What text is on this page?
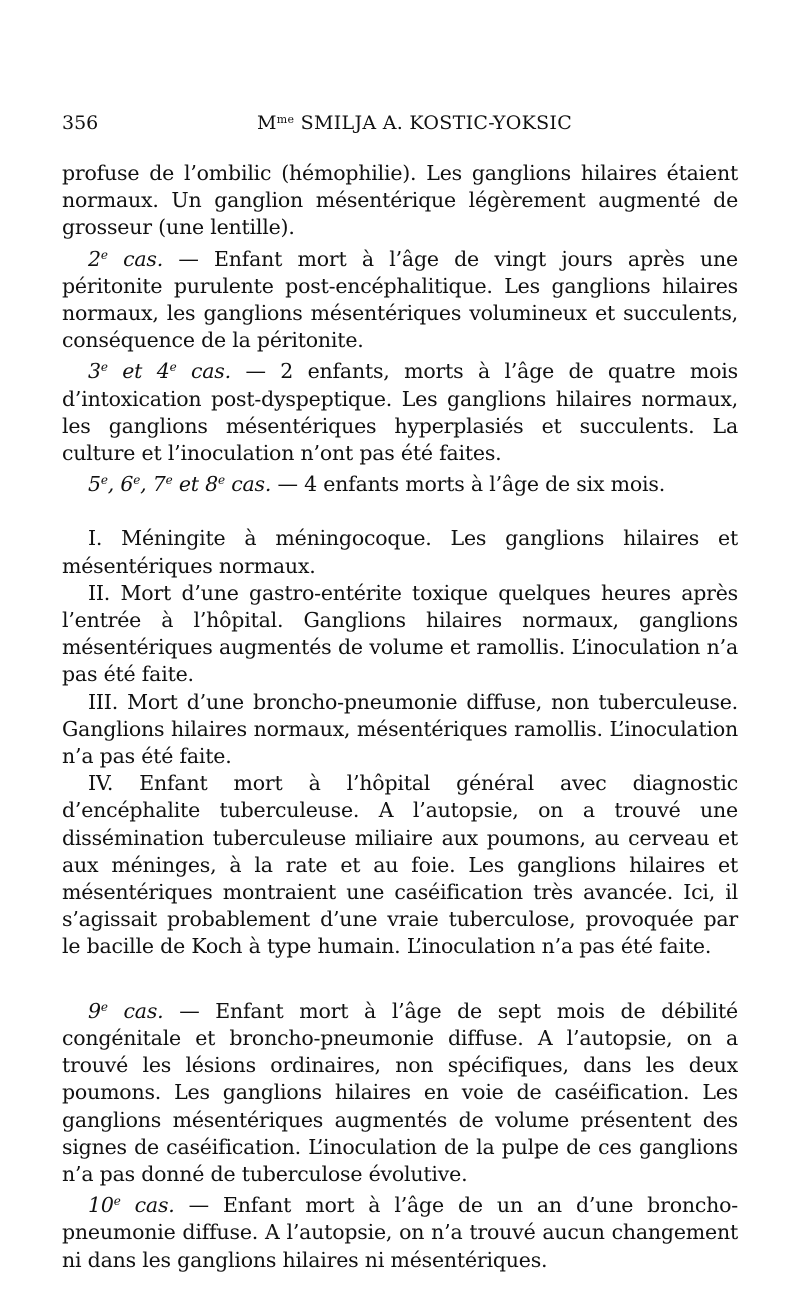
356	$M^{me}$ SMILJA A. KOSTIC-YOKSIC

profuse de l’ombilic (hémophilie). Les ganglions hilaires étaient normaux. Un ganglion mésentérique légèrement augmenté de grosseur (une lentille).

2e cas. — Enfant mort à l’âge de vingt jours après une péritonite purulente post-encéphalitique. Les ganglions hilaires normaux, les ganglions mésentériques volumineux et succulents, conséquence de la péritonite.

3e et 4e cas. — 2 enfants, morts à l’âge de quatre mois d’intoxication post-dyspeptique. Les ganglions hilaires normaux, les ganglions mésentériques hyperplasiés et succulents. La culture et l’inoculation n’ont pas été faites.

5e, 6e, 7e et 8e cas. — 4 enfants morts à l’âge de six mois.

I. Méningite à méningocoque. Les ganglions hilaires et mésentériques normaux.

II. Mort d’une gastro-entérite toxique quelques heures après l’entrée à l’hôpital. Ganglions hilaires normaux, ganglions mésentériques augmentés de volume et ramollis. L’inoculation n’a pas été faite.

III. Mort d’une broncho-pneumonie diffuse, non tuberculeuse. Ganglions hilaires normaux, mésentériques ramollis. L’inoculation n’a pas été faite.

IV. Enfant mort à l’hôpital général avec diagnostic d’encéphalite tuberculeuse. A l’autopsie, on a trouvé une dissémination tuberculeuse miliaire aux poumons, au cerveau et aux méninges, à la rate et au foie. Les ganglions hilaires et mésentériques montraient une caséification très avancée. Ici, il s’agissait probablement d’une vraie tuberculose, provoquée par le bacille de Koch à type humain. L’inoculation n’a pas été faite.

9e cas. — Enfant mort à l’âge de sept mois de débilité congénitale et broncho-pneumonie diffuse. A l’autopsie, on a trouvé les lésions ordinaires, non spécifiques, dans les deux poumons. Les ganglions hilaires en voie de caséification. Les ganglions mésentériques augmentés de volume présentent des signes de caséification. L’inoculation de la pulpe de ces ganglions n’a pas donné de tuberculose évolutive.

10e cas. — Enfant mort à l’âge de un an d’une broncho-pneumonie diffuse. A l’autopsie, on n’a trouvé aucun changement ni dans les ganglions hilaires ni mésentériques.
